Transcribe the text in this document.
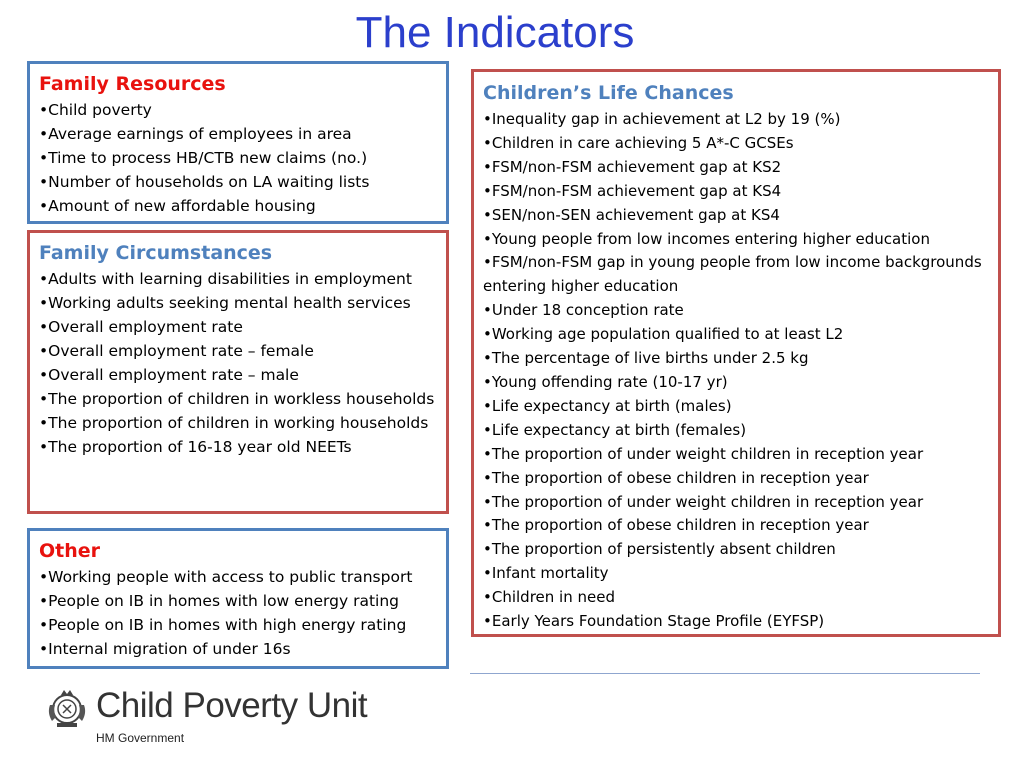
The Indicators
Family Resources
• Child poverty
• Average earnings of employees in area
• Time to process HB/CTB new claims (no.)
• Number of households on LA waiting lists
• Amount of new affordable housing
Family Circumstances
• Adults with learning disabilities in employment
• Working adults seeking mental health services
• Overall employment rate
• Overall employment rate – female
• Overall employment rate – male
• The proportion of children in workless households
• The proportion of children in working households
• The proportion of 16-18 year old NEETs
Other
• Working people with access to public transport
• People on IB in homes with low energy rating
• People on IB in homes with high energy rating
• Internal migration of under 16s
Children’s Life Chances
• Inequality gap in achievement at L2 by 19 (%)
• Children in care achieving 5 A*-C GCSEs
• FSM/non-FSM achievement gap at KS2
• FSM/non-FSM achievement gap at KS4
• SEN/non-SEN achievement gap at KS4
• Young people from low incomes entering higher education
• FSM/non-FSM gap in young people from low income backgrounds entering higher education
• Under 18 conception rate
• Working age population qualified to at least L2
• The percentage of live births under 2.5 kg
• Young offending rate (10-17 yr)
• Life expectancy at birth (males)
• Life expectancy at birth (females)
• The proportion of under weight children in reception year
• The proportion of obese children in reception year
• The proportion of under weight children in reception year
• The proportion of obese children in reception year
• The proportion of persistently absent children
• Infant mortality
• Children in need
• Early Years Foundation Stage Profile (EYFSP)
Child Poverty Unit
HM Government
